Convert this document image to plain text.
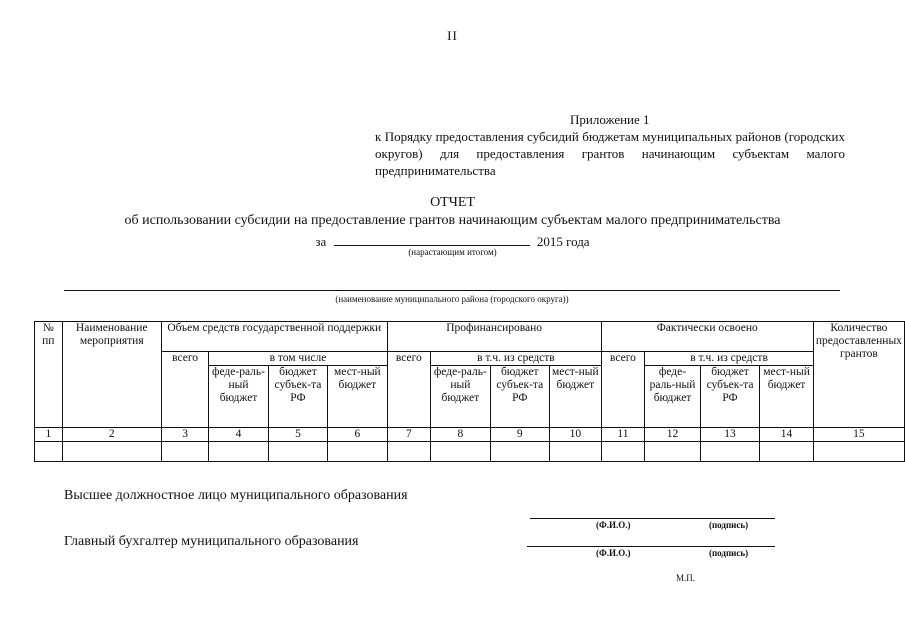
II
Приложение 1
к Порядку предоставления субсидий бюджетам муниципальных районов (городских округов) для предоставления грантов начинающим субъектам малого предпринимательства
ОТЧЕТ
об использовании субсидии на предоставление грантов начинающим субъектам малого предпринимательства
за	2015 года
(нарастающим итогом)
(наименование муниципального района (городского округа))
№ пп	Наименование мероприятия	Объем средств государственной поддержки				Профинансировано				Фактически освоено				Количество предоставленных грантов
		всего	в том числе			всего	в т.ч. из средств			всего	в т.ч. из средств			
			феде-раль-ный бюджет	бюджет субъек-та РФ	мест-ный бюджет		феде-раль-ный бюджет	бюджет субъек-та РФ	мест-ный бюджет		феде-раль-ный бюджет	бюджет субъек-та РФ	мест-ный бюджет	
1	2	3	4	5	6	7	8	9	10	11	12	13	14	15

Высшее должностное лицо муниципального образования
(Ф.И.О.)	(подпись)
Главный бухгалтер муниципального образования
(Ф.И.О.)	(подпись)
М.П.
